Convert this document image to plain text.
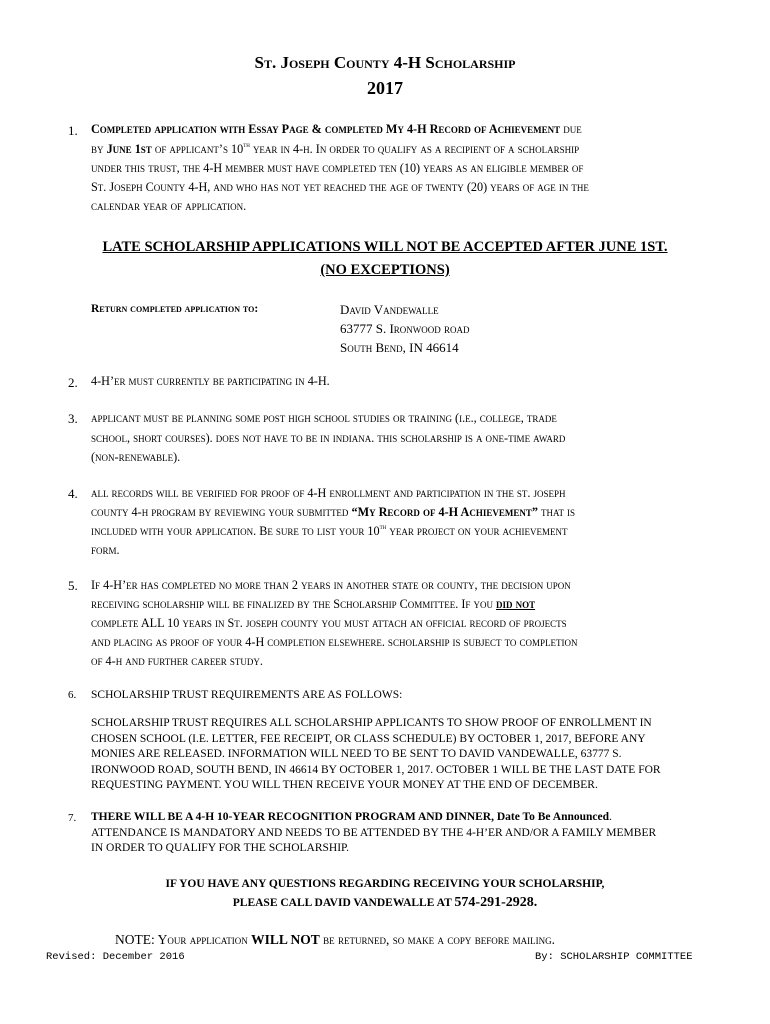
St. Joseph County 4-H Scholarship
2017
1. Completed application with Essay Page & completed My 4-H Record of Achievement due
by June 1st of applicant’s 10th year in 4-h. In order to qualify as a recipient of a scholarship
under this trust, the 4-H member must have completed ten (10) years as an eligible member of
St. Joseph County 4-H, and who has not yet reached the age of twenty (20) years of age in the
calendar year of application.
LATE SCHOLARSHIP APPLICATIONS WILL NOT BE ACCEPTED AFTER JUNE 1ST.
(NO EXCEPTIONS)
Return completed application to:	David Vandewalle
63777 S. Ironwood road
South Bend, IN 46614
2. 4-H’er must currently be participating in 4-H.
3. applicant must be planning some post high school studies or training (i.e., college, trade
school, short courses). does not have to be in indiana. this scholarship is a one-time award
(non-renewable).
4. all records will be verified for proof of 4-H enrollment and participation in the st. joseph
county 4-h program by reviewing your submitted “My Record of 4-H Achievement” that is
included with your application. Be sure to list your 10th year project on your achievement
form.
5. If 4-H’er has completed no more than 2 years in another state or county, the decision upon
receiving scholarship will be finalized by the Scholarship Committee. If you did not
complete ALL 10 years in St. joseph county you must attach an official record of projects
and placing as proof of your 4-H completion elsewhere. scholarship is subject to completion
of 4-h and further career study.
6. SCHOLARSHIP TRUST REQUIREMENTS ARE AS FOLLOWS:
SCHOLARSHIP TRUST REQUIRES ALL SCHOLARSHIP APPLICANTS TO SHOW PROOF OF ENROLLMENT IN
CHOSEN SCHOOL (I.E. LETTER, FEE RECEIPT, OR CLASS SCHEDULE) BY OCTOBER 1, 2017, BEFORE ANY
MONIES ARE RELEASED. INFORMATION WILL NEED TO BE SENT TO DAVID VANDEWALLE, 63777 S.
IRONWOOD ROAD, SOUTH BEND, IN 46614 BY OCTOBER 1, 2017. OCTOBER 1 WILL BE THE LAST DATE FOR
REQUESTING PAYMENT. YOU WILL THEN RECEIVE YOUR MONEY AT THE END OF DECEMBER.
7. THERE WILL BE A 4-H 10-YEAR RECOGNITION PROGRAM AND DINNER, Date To Be Announced.
ATTENDANCE IS MANDATORY AND NEEDS TO BE ATTENDED BY THE 4-H’ER AND/OR A FAMILY MEMBER
IN ORDER TO QUALIFY FOR THE SCHOLARSHIP.
IF YOU HAVE ANY QUESTIONS REGARDING RECEIVING YOUR SCHOLARSHIP,
PLEASE CALL DAVID VANDEWALLE AT 574-291-2928.
NOTE: Your application WILL NOT be returned, so make a copy before mailing.
Revised: December 2016	By: SCHOLARSHIP COMMITTEE
